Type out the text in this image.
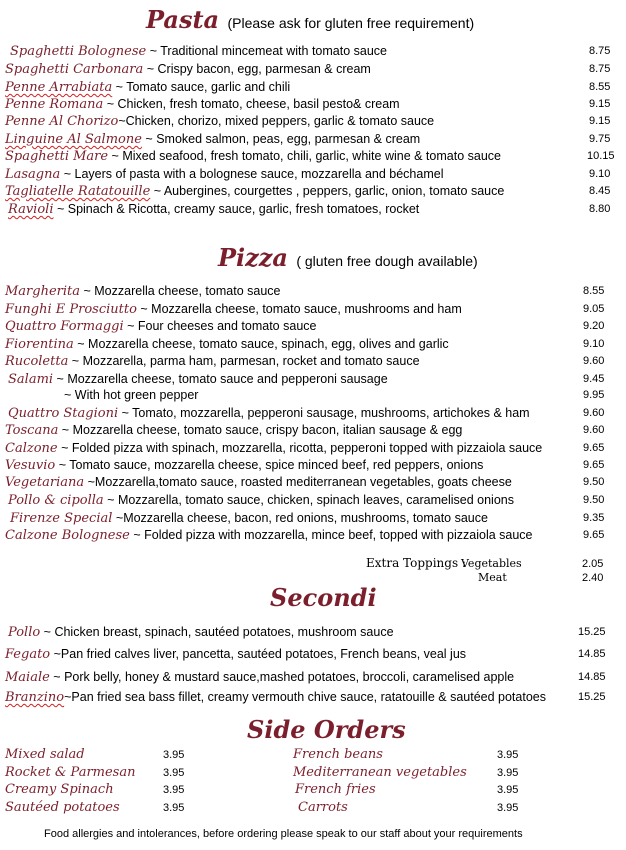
Pasta (Please ask for gluten free requirement)
Spaghetti Bolognese ~ Traditional mincemeat with tomato sauce	8.75
Spaghetti Carbonara ~ Crispy bacon, egg, parmesan & cream	8.75
Penne Arrabiata ~ Tomato sauce, garlic and chili	8.55
Penne Romana ~ Chicken, fresh tomato, cheese, basil pesto& cream	9.15
Penne Al Chorizo~Chicken, chorizo, mixed peppers, garlic & tomato sauce	9.15
Linguine Al Salmone ~ Smoked salmon, peas, egg, parmesan & cream	9.75
Spaghetti Mare ~ Mixed seafood, fresh tomato, chili, garlic, white wine & tomato sauce	10.15
Lasagna ~ Layers of pasta with a bolognese sauce, mozzarella and béchamel	9.10
Tagliatelle Ratatouille ~ Aubergines, courgettes , peppers, garlic, onion, tomato sauce	8.45
Ravioli ~ Spinach & Ricotta, creamy sauce, garlic, fresh tomatoes, rocket	8.80
Pizza ( gluten free dough available)
Margherita ~ Mozzarella cheese, tomato sauce	8.55
Funghi E Prosciutto ~ Mozzarella cheese, tomato sauce, mushrooms and ham	9.05
Quattro Formaggi ~ Four cheeses and tomato sauce	9.20
Fiorentina ~ Mozzarella cheese, tomato sauce, spinach, egg, olives and garlic	9.10
Rucoletta ~ Mozzarella, parma ham, parmesan, rocket and tomato sauce	9.60
Salami ~ Mozzarella cheese, tomato sauce and pepperoni sausage	9.45
~ With hot green pepper	9.95
Quattro Stagioni ~ Tomato, mozzarella, pepperoni sausage, mushrooms, artichokes & ham	9.60
Toscana ~ Mozzarella cheese, tomato sauce, crispy bacon, italian sausage & egg	9.60
Calzone ~ Folded pizza with spinach, mozzarella, ricotta, pepperoni topped with pizzaiola sauce	9.65
Vesuvio ~ Tomato sauce, mozzarella cheese, spice minced beef, red peppers, onions	9.65
Vegetariana ~Mozzarella,tomato sauce, roasted mediterranean vegetables, goats cheese	9.50
Pollo & cipolla ~ Mozzarella, tomato sauce, chicken, spinach leaves, caramelised onions	9.50
Firenze Special ~Mozzarella cheese, bacon, red onions, mushrooms, tomato sauce	9.35
Calzone Bolognese ~ Folded pizza with mozzarella, mince beef, topped with pizzaiola sauce	9.65
Extra Toppings :
Vegetables	2.05
Meat	2.40
Secondi
Pollo ~ Chicken breast, spinach, sautéed potatoes, mushroom sauce	15.25
Fegato ~Pan fried calves liver, pancetta, sautéed potatoes, French beans, veal jus	14.85
Maiale ~ Pork belly, honey & mustard sauce,mashed potatoes, broccoli, caramelised apple	14.85
Branzino~Pan fried sea bass fillet, creamy vermouth chive sauce, ratatouille & sautéed potatoes	15.25
Side Orders
Mixed salad	3.95
Rocket & Parmesan	3.95
Creamy Spinach	3.95
Sautéed potatoes	3.95
French beans	3.95
Mediterranean vegetables	3.95
French fries	3.95
Carrots	3.95
Food allergies and intolerances, before ordering please speak to our staff about your requirements
